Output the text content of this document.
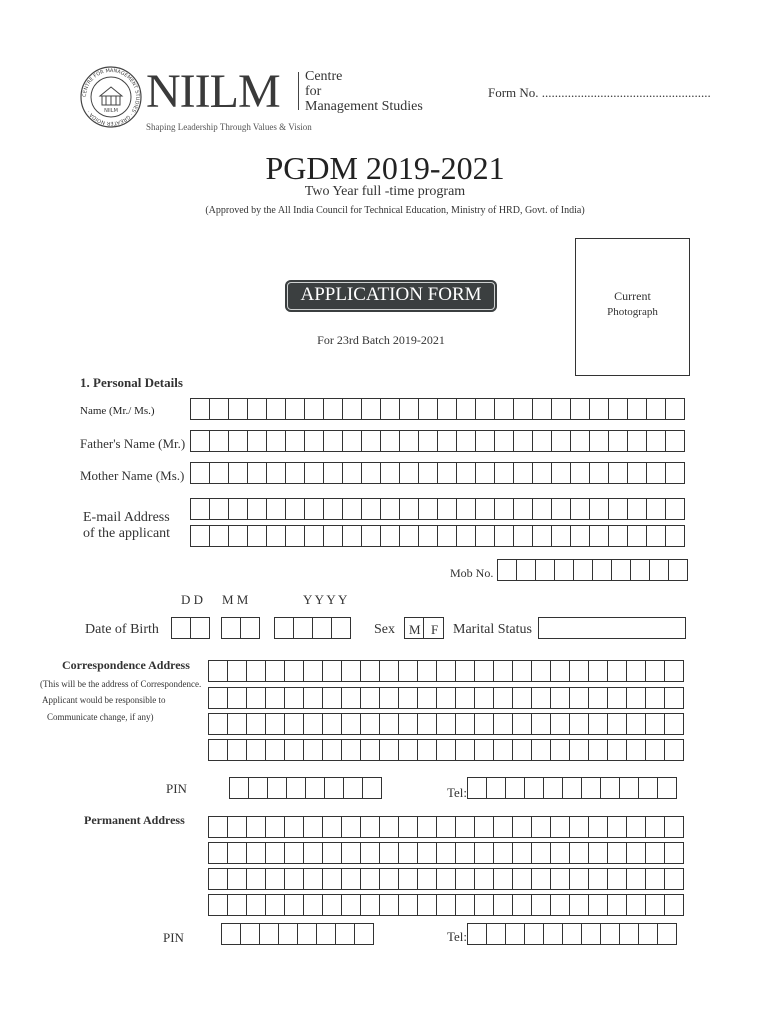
CENTRE FOR MANAGEMENT STUDIES · GREATER NOIDA ·	NIILM NIILM Centre
for
Management Studies
Shaping Leadership Through Values & Vision
Form No. ....................................................
PGDM 2019-2021
Two Year full -time program
(Approved by the All India Council for Technical Education, Ministry of HRD, Govt. of India)
Current
Photograph
APPLICATION FORM
For 23rd Batch 2019-2021
1. Personal Details
Name (Mr./ Ms.)
Father's Name (Mr.)
Mother Name (Ms.)
E-mail Address
of the applicant
Mob No.
D D M M	Y Y Y Y
Date of Birth	Sex M F Marital Status
Correspondence Address
(This will be the address of Correspondence.
Applicant would be responsible to
Communicate change, if any)
PIN	Tel:
Permanent Address
PIN	Tel:
